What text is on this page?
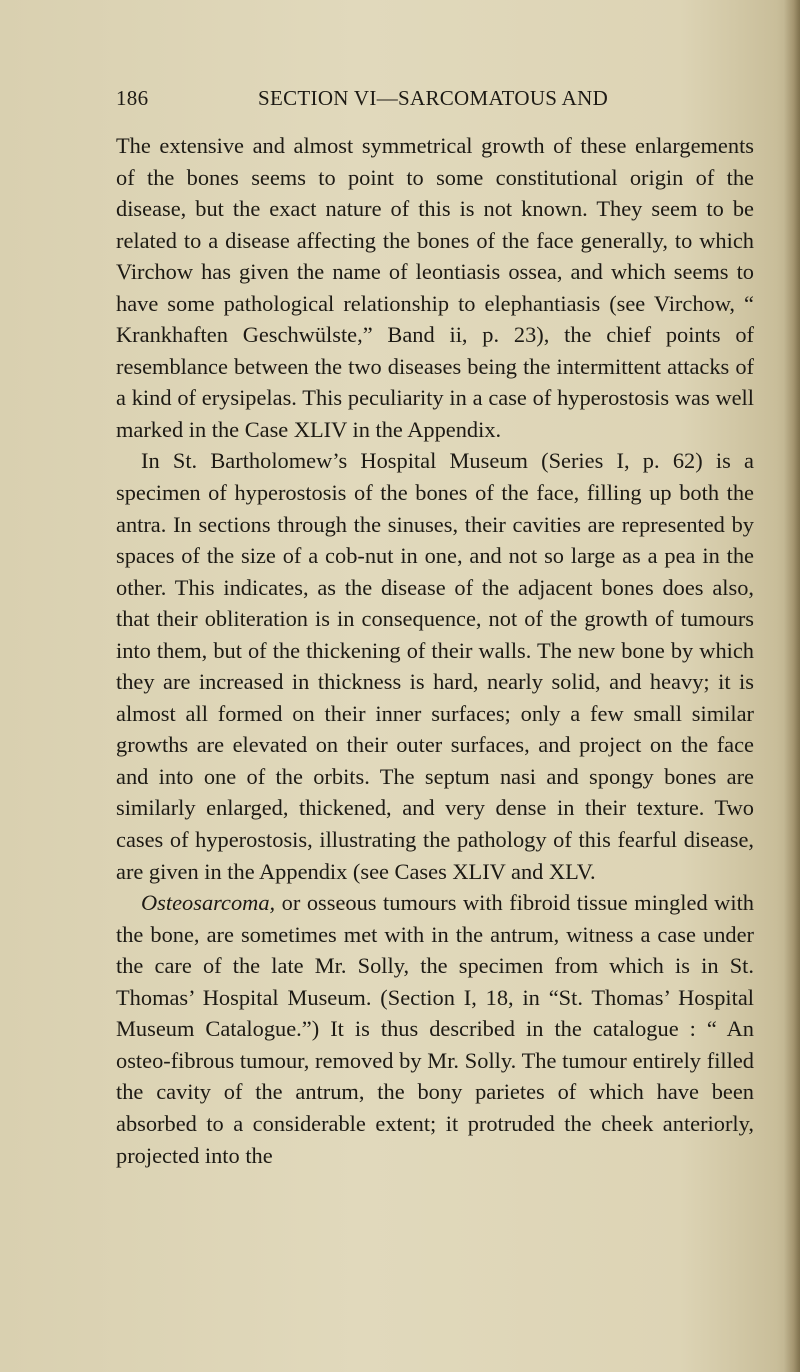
186	SECTION VI—SARCOMATOUS AND

The extensive and almost symmetrical growth of these enlargements of the bones seems to point to some constitutional origin of the disease, but the exact nature of this is not known. They seem to be related to a disease affecting the bones of the face generally, to which Virchow has given the name of leontiasis ossea, and which seems to have some pathological relationship to elephantiasis (see Virchow, “ Krankhaften Geschwülste,” Band ii, p. 23), the chief points of resemblance between the two diseases being the intermittent attacks of a kind of erysipelas. This peculiarity in a case of hyperostosis was well marked in the Case XLIV in the Appendix.

In St. Bartholomew’s Hospital Museum (Series I, p. 62) is a specimen of hyperostosis of the bones of the face, filling up both the antra. In sections through the sinuses, their cavities are represented by spaces of the size of a cob-nut in one, and not so large as a pea in the other. This indicates, as the disease of the adjacent bones does also, that their obliteration is in consequence, not of the growth of tumours into them, but of the thickening of their walls. The new bone by which they are increased in thickness is hard, nearly solid, and heavy; it is almost all formed on their inner surfaces; only a few small similar growths are elevated on their outer surfaces, and project on the face and into one of the orbits. The septum nasi and spongy bones are similarly enlarged, thickened, and very dense in their texture. Two cases of hyperostosis, illustrating the pathology of this fearful disease, are given in the Appendix (see Cases XLIV and XLV.

Osteosarcoma, or osseous tumours with fibroid tissue mingled with the bone, are sometimes met with in the antrum, witness a case under the care of the late Mr. Solly, the specimen from which is in St. Thomas’ Hospital Museum. (Section I, 18, in “St. Thomas’ Hospital Museum Catalogue.”) It is thus described in the catalogue : “ An osteo-fibrous tumour, removed by Mr. Solly. The tumour entirely filled the cavity of the antrum, the bony parietes of which have been absorbed to a considerable extent; it protruded the cheek anteriorly, projected into the
